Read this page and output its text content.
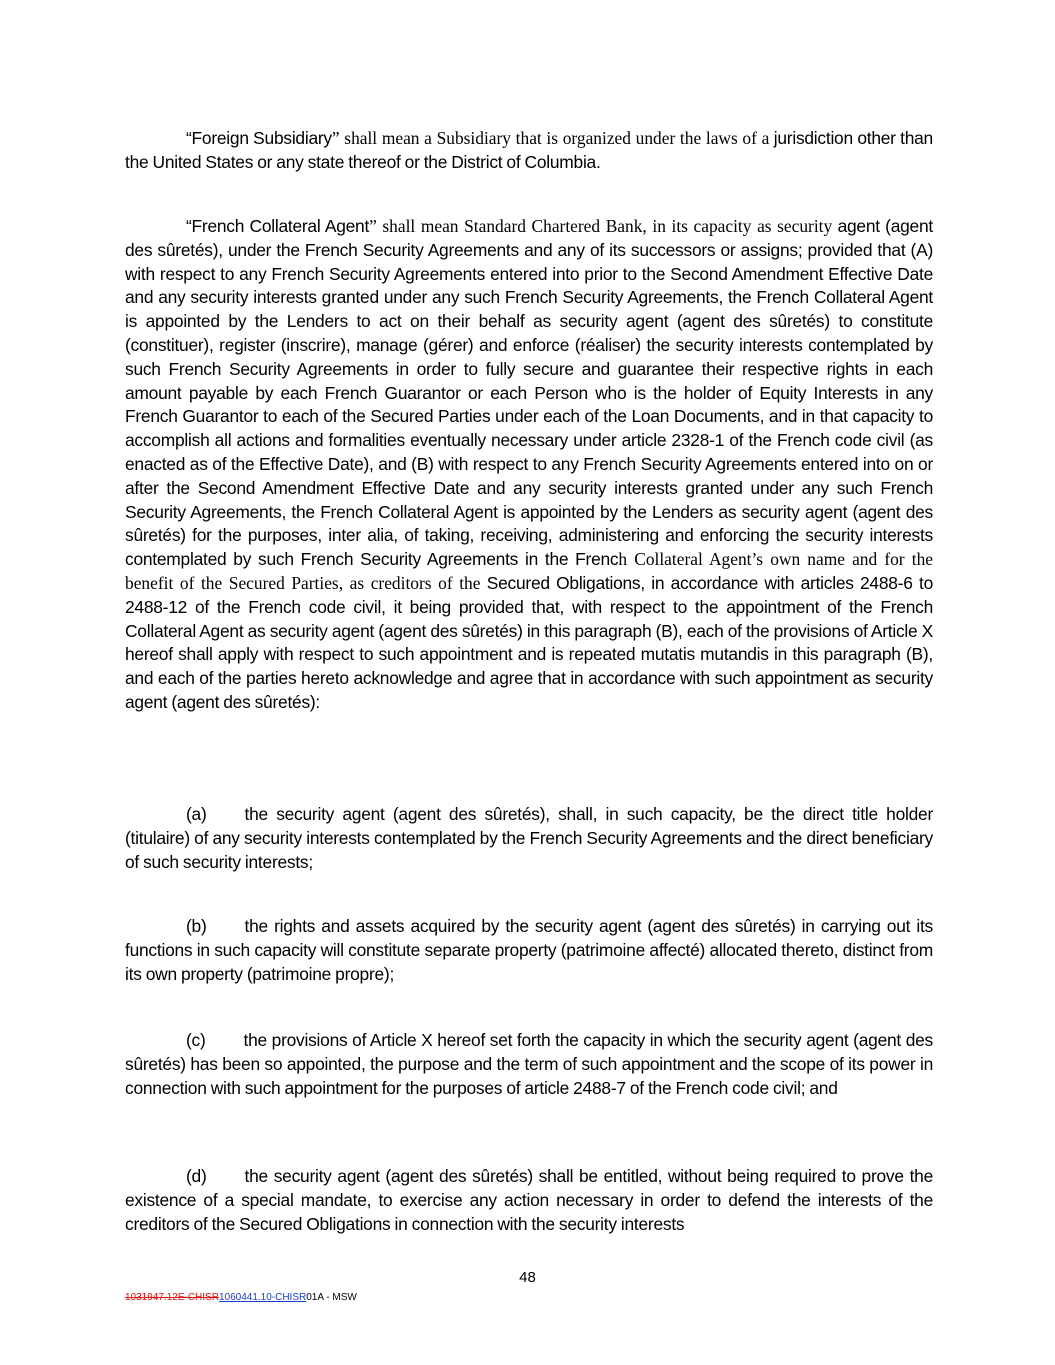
“Foreign Subsidiary” shall mean a Subsidiary that is organized under the laws of a jurisdiction other than the United States or any state thereof or the District of Columbia.
“French Collateral Agent” shall mean Standard Chartered Bank, in its capacity as security agent (agent des sûretés), under the French Security Agreements and any of its successors or assigns; provided that (A) with respect to any French Security Agreements entered into prior to the Second Amendment Effective Date and any security interests granted under any such French Security Agreements, the French Collateral Agent is appointed by the Lenders to act on their behalf as security agent (agent des sûretés) to constitute (constituer), register (inscrire), manage (gérer) and enforce (réaliser) the security interests contemplated by such French Security Agreements in order to fully secure and guarantee their respective rights in each amount payable by each French Guarantor or each Person who is the holder of Equity Interests in any French Guarantor to each of the Secured Parties under each of the Loan Documents, and in that capacity to accomplish all actions and formalities eventually necessary under article 2328-1 of the French code civil (as enacted as of the Effective Date), and (B) with respect to any French Security Agreements entered into on or after the Second Amendment Effective Date and any security interests granted under any such French Security Agreements, the French Collateral Agent is appointed by the Lenders as security agent (agent des sûretés) for the purposes, inter alia, of taking, receiving, administering and enforcing the security interests contemplated by such French Security Agreements in the French Collateral Agent’s own name and for the benefit of the Secured Parties, as creditors of the Secured Obligations, in accordance with articles 2488-6 to 2488-12 of the French code civil, it being provided that, with respect to the appointment of the French Collateral Agent as security agent (agent des sûretés) in this paragraph (B), each of the provisions of Article X hereof shall apply with respect to such appointment and is repeated mutatis mutandis in this paragraph (B), and each of the parties hereto acknowledge and agree that in accordance with such appointment as security agent (agent des sûretés):
(a) the security agent (agent des sûretés), shall, in such capacity, be the direct title holder (titulaire) of any security interests contemplated by the French Security Agreements and the direct beneficiary of such security interests;
(b) the rights and assets acquired by the security agent (agent des sûretés) in carrying out its functions in such capacity will constitute separate property (patrimoine affecté) allocated thereto, distinct from its own property (patrimoine propre);
(c) the provisions of Article X hereof set forth the capacity in which the security agent (agent des sûretés) has been so appointed, the purpose and the term of such appointment and the scope of its power in connection with such appointment for the purposes of article 2488-7 of the French code civil; and
(d) the security agent (agent des sûretés) shall be entitled, without being required to prove the existence of a special mandate, to exercise any action necessary in order to defend the interests of the creditors of the Secured Obligations in connection with the security interests
48
1031947.12E-CHISR1060441.10-CHISR01A - MSW
